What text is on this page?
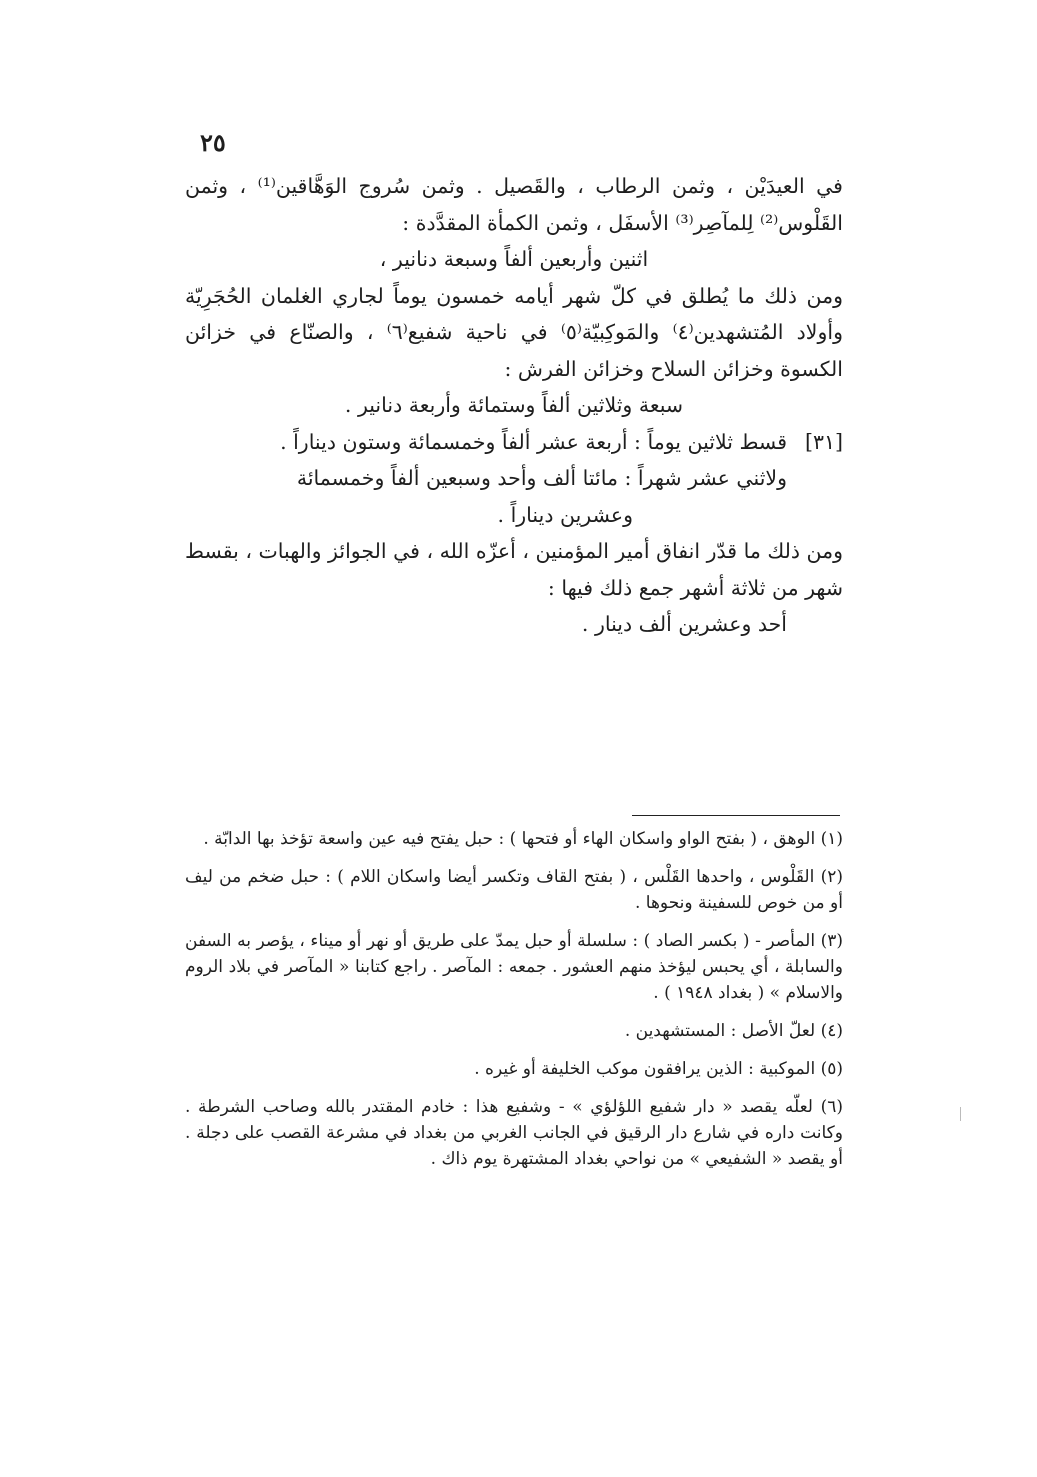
٢٥

في العيدَيْن ، وثمن الرطاب ، والقَصيل . وثمن سُروج الوَهَّاقين⁽¹⁾ ، وثمن القَلْوس⁽²⁾ لِلمآصِر⁽³⁾ الأسفَل ، وثمن الكمأة المقدَّدة :

اثنين وأربعين ألفاً وسبعة دنانير ،

ومن ذلك ما يُطلق في كلّ شهر أيامه خمسون يوماً لجاري الغلمان الحُجَرِيّة وأولاد المُتشهدين⁽٤⁾ والمَوكِبيّة⁽٥⁾ في ناحية شفيع⁽٦⁾ ، والصنّاع في خزائن الكسوة وخزائن السلاح وخزائن الفرش :

سبعة وثلاثين ألفاً وستمائة وأربعة دنانير .

[٣١]
قسط ثلاثين يوماً : أربعة عشر ألفاً وخمسمائة وستون ديناراً .

ولاثني عشر شهراً : مائتا ألف وأحد وسبعين ألفاً وخمسمائة

وعشرين ديناراً .

ومن ذلك ما قدّر انفاق أمير المؤمنين ، أعزّه الله ، في الجوائز والهبات ، بقسط شهر من ثلاثة أشهر جمع ذلك فيها :

أحد وعشرين ألف دينار .

(١) الوهق ، ( بفتح الواو واسكان الهاء أو فتحها ) : حبل يفتح فيه عين واسعة تؤخذ بها الدابّة .

(٢) القَلْوس ، واحدها القَلْس ، ( بفتح القاف وتكسر أيضا واسكان اللام ) : حبل ضخم من ليف أو من خوص للسفينة ونحوها .

(٣) المأصر - ( بكسر الصاد ) : سلسلة أو حبل يمدّ على طريق أو نهر أو ميناء ، يؤصر به السفن والسابلة ، أي يحبس ليؤخذ منهم العشور . جمعه : المآصر . راجع كتابنا « المآصر في بلاد الروم والاسلام » ( بغداد ١٩٤٨ ) .

(٤) لعلّ الأصل : المستشهدين .

(٥) الموكبية : الذين يرافقون موكب الخليفة أو غيره .

(٦) لعلّه يقصد « دار شفيع اللؤلؤي » - وشفيع هذا : خادم المقتدر بالله وصاحب الشرطة . وكانت داره في شارع دار الرقيق في الجانب الغربي من بغداد في مشرعة القصب على دجلة . أو يقصد « الشفيعي » من نواحي بغداد المشتهرة يوم ذاك .
